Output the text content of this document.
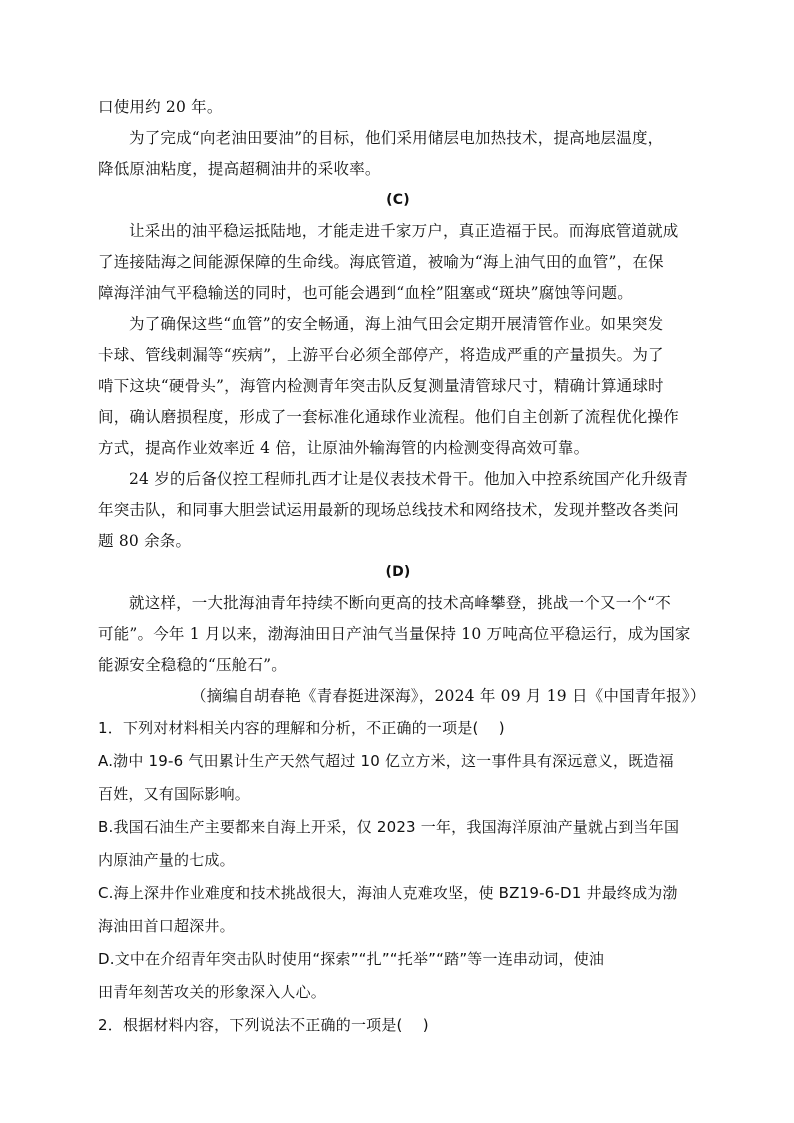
口使用约 20 年。
为了完成“向老油田要油”的目标，他们采用储层电加热技术，提高地层温度，
降低原油粘度，提高超稠油井的采收率。
(C)
让采出的油平稳运抵陆地，才能走进千家万户，真正造福于民。而海底管道就成
了连接陆海之间能源保障的生命线。海底管道，被喻为“海上油气田的血管”，在保
障海洋油气平稳输送的同时，也可能会遇到“血栓”阻塞或“斑块”腐蚀等问题。
为了确保这些“血管”的安全畅通，海上油气田会定期开展清管作业。如果突发
卡球、管线刺漏等“疾病”，上游平台必须全部停产，将造成严重的产量损失。为了
啃下这块“硬骨头”，海管内检测青年突击队反复测量清管球尺寸，精确计算通球时
间，确认磨损程度，形成了一套标准化通球作业流程。他们自主创新了流程优化操作
方式，提高作业效率近 4 倍，让原油外输海管的内检测变得高效可靠。
24 岁的后备仪控工程师扎西才让是仪表技术骨干。他加入中控系统国产化升级青
年突击队，和同事大胆尝试运用最新的现场总线技术和网络技术，发现并整改各类问
题 80 余条。
(D)
就这样，一大批海油青年持续不断向更高的技术高峰攀登，挑战一个又一个“不
可能”。今年 1 月以来，渤海油田日产油气当量保持 10 万吨高位平稳运行，成为国家
能源安全稳稳的“压舱石”。
（摘编自胡春艳《青春挺进深海》，2024 年 09 月 19 日《中国青年报》）
1．下列对材料相关内容的理解和分析，不正确的一项是(　 )
A.渤中 19-6 气田累计生产天然气超过 10 亿立方米，这一事件具有深远意义，既造福
百姓，又有国际影响。
B.我国石油生产主要都来自海上开采，仅 2023 一年，我国海洋原油产量就占到当年国
内原油产量的七成。
C.海上深井作业难度和技术挑战很大，海油人克难攻坚，使 BZ19-6-D1 井最终成为渤
海油田首口超深井。
D.文中在介绍青年突击队时使用“探索”“扎”“托举”“踏”等一连串动词，使油
田青年刻苦攻关的形象深入人心。
2．根据材料内容，下列说法不正确的一项是(　 )
